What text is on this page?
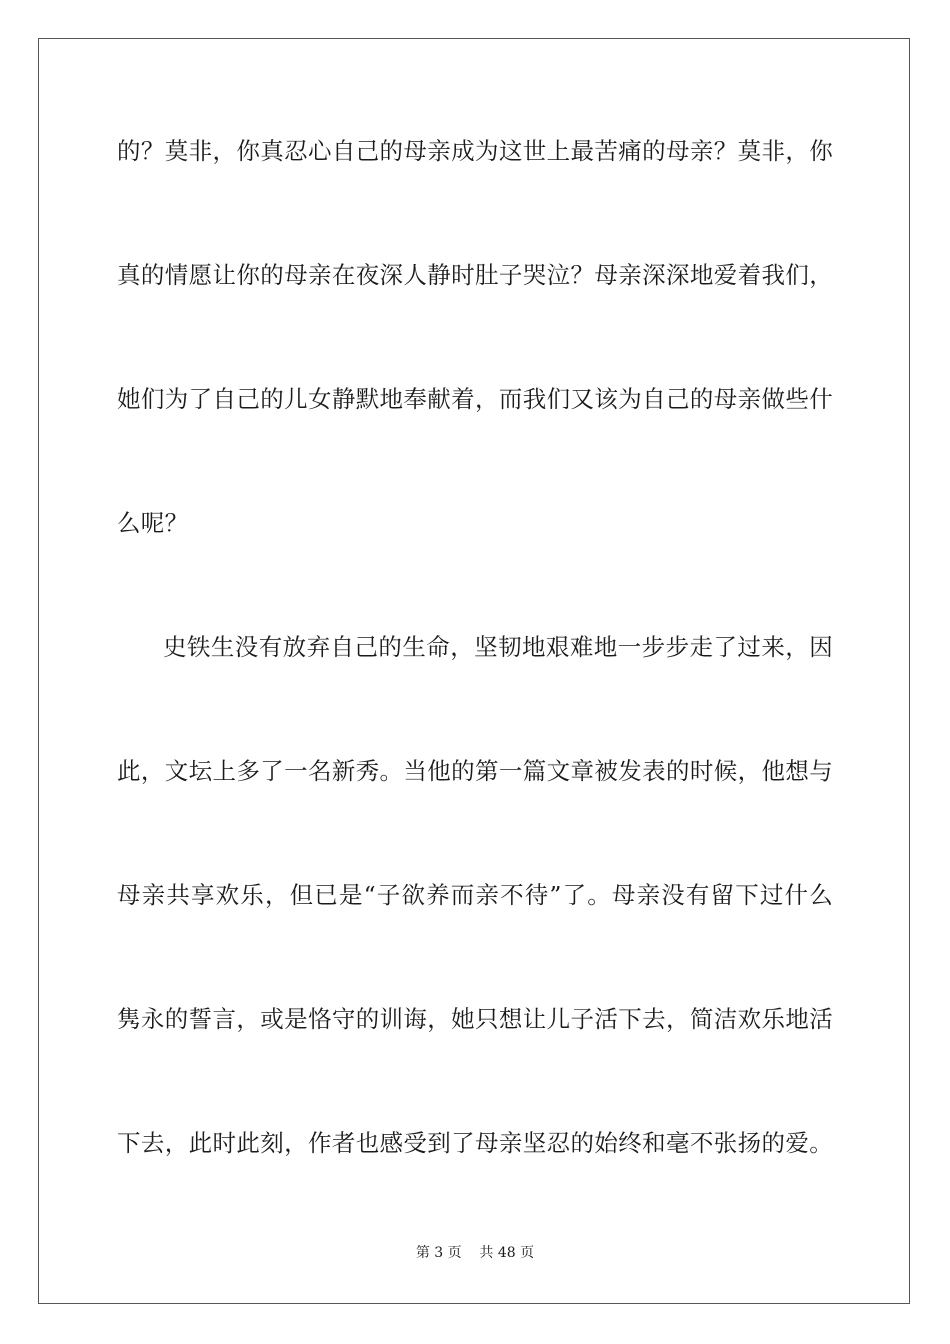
的？莫非，你真忍心自己的母亲成为这世上最苦痛的母亲？莫非，你
真的情愿让你的母亲在夜深人静时肚子哭泣？母亲深深地爱着我们，
她们为了自己的儿女静默地奉献着，而我们又该为自己的母亲做些什
么呢？
史铁生没有放弃自己的生命，坚韧地艰难地一步步走了过来，因
此，文坛上多了一名新秀。当他的第一篇文章被发表的时候，他想与
母亲共享欢乐，但已是“子欲养而亲不待”了。母亲没有留下过什么
隽永的誓言，或是恪守的训诲，她只想让儿子活下去，简洁欢乐地活
下去，此时此刻，作者也感受到了母亲坚忍的始终和毫不张扬的爱。
第 3 页    共 48 页
